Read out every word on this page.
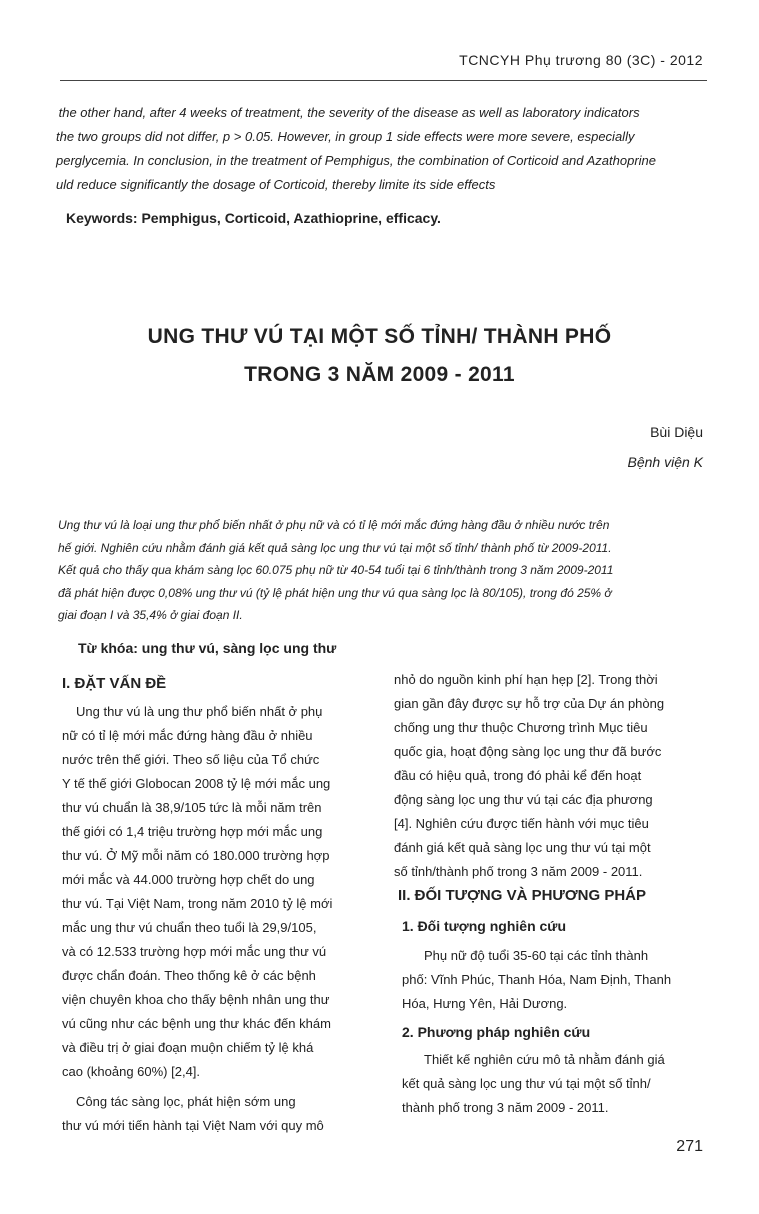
TCNCYH Phụ trương 80 (3C) - 2012

 the other hand, after 4 weeks of treatment, the severity of the disease as well as laboratory indicators

the two groups did not differ, p > 0.05. However, in group 1 side effects were more severe, especially

perglycemia. In conclusion, in the treatment of Pemphigus, the combination of Corticoid and Azathoprine

uld reduce significantly the dosage of Corticoid, thereby limite its side effects

Keywords: Pemphigus, Corticoid, Azathioprine, efficacy.
UNG THƯ VÚ TẠI MỘT SỐ TỈNH/ THÀNH PHỐ
TRONG 3 NĂM 2009 - 2011
Bùi Diệu
Bệnh viện K

Ung thư vú là loại ung thư phổ biến nhất ở phụ nữ và có tỉ lệ mới mắc đứng hàng đầu ở nhiều nước trên

hế giới. Nghiên cứu nhằm đánh giá kết quả sàng lọc ung thư vú tại một số tỉnh/ thành phố từ 2009-2011.

Kết quả cho thấy qua khám sàng lọc 60.075 phụ nữ từ 40-54 tuổi tại 6 tỉnh/thành trong 3 năm 2009-2011

đã phát hiện được 0,08% ung thư vú (tỷ lệ phát hiện ung thư vú qua sàng lọc là 80/105), trong đó 25% ở

giai đoạn I và 35,4% ở giai đoạn II.

Từ khóa: ung thư vú, sàng lọc ung thư
I. ĐẶT VẤN ĐỀ
Ung thư vú là ung thư phổ biến nhất ở phụ
nữ có tỉ lệ mới mắc đứng hàng đầu ở nhiều
nước trên thế giới. Theo số liệu của Tổ chức
Y tế thế giới Globocan 2008 tỷ lệ mới mắc ung
thư vú chuẩn là 38,9/105 tức là mỗi năm trên
thế giới có 1,4 triệu trường hợp mới mắc ung
thư vú. Ở Mỹ mỗi năm có 180.000 trường hợp
mới mắc và 44.000 trường hợp chết do ung
thư vú. Tại Việt Nam, trong năm 2010 tỷ lệ mới
mắc ung thư vú chuẩn theo tuổi là 29,9/105,
và có 12.533 trường hợp mới mắc ung thư vú
được chẩn đoán. Theo thống kê ở các bệnh
viện chuyên khoa cho thấy bệnh nhân ung thư
vú cũng như các bệnh ung thư khác đến khám
và điều trị ở giai đoạn muộn chiếm tỷ lệ khá
cao (khoảng 60%) [2,4].
Công tác sàng lọc, phát hiện sớm ung
thư vú mới tiến hành tại Việt Nam với quy mô
nhỏ do nguồn kinh phí hạn hẹp [2]. Trong thời
gian gần đây được sự hỗ trợ của Dự án phòng
chống ung thư thuộc Chương trình Mục tiêu
quốc gia, hoạt động sàng lọc ung thư đã bước
đầu có hiệu quả, trong đó phải kể đến hoạt
động sàng lọc ung thư vú tại các địa phương
[4]. Nghiên cứu được tiến hành với mục tiêu
đánh giá kết quả sàng lọc ung thư vú tại một
số tỉnh/thành phố trong 3 năm 2009 - 2011.
II. ĐỐI TƯỢNG VÀ PHƯƠNG PHÁP
1. Đối tượng nghiên cứu
Phụ nữ độ tuổi 35-60 tại các tỉnh thành
phố: Vĩnh Phúc, Thanh Hóa, Nam Định, Thanh
Hóa, Hưng Yên, Hải Dương.
2. Phương pháp nghiên cứu
Thiết kế nghiên cứu mô tả nhằm đánh giá
kết quả sàng lọc ung thư vú tại một số tỉnh/
thành phố trong 3 năm 2009 - 2011.
271
